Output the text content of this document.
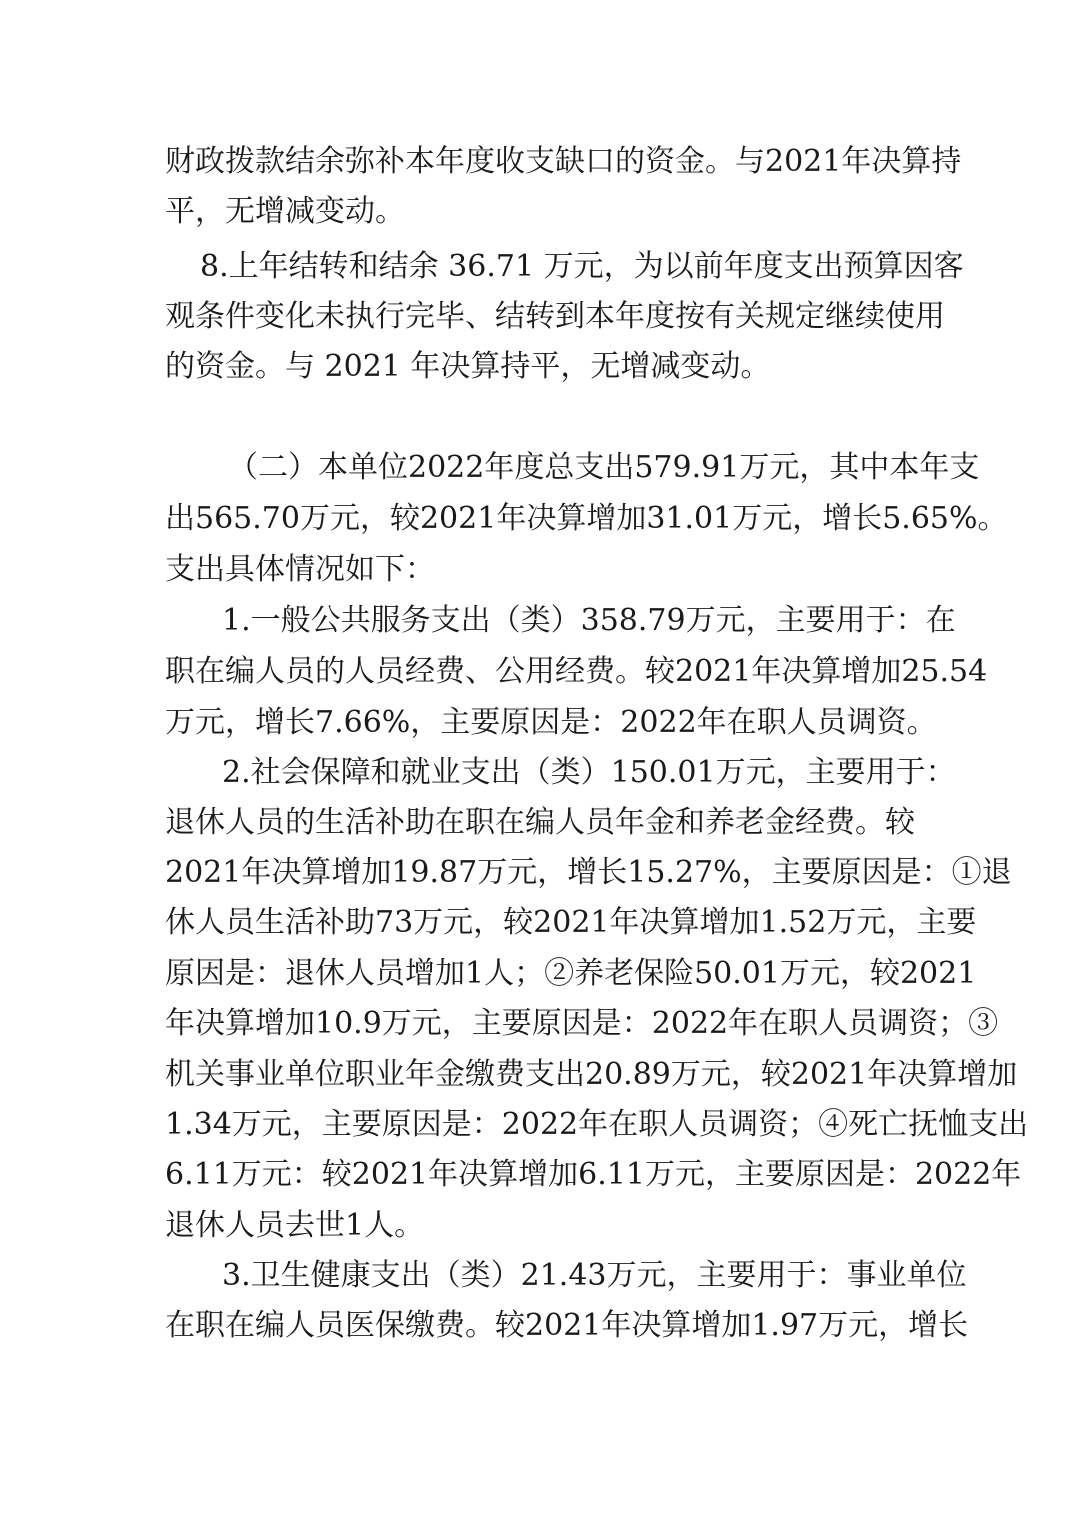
财政拨款结余弥补本年度收支缺口的资金。与2021年决算持
平，无增减变动。
8.上年结转和结余 36.71 万元，为以前年度支出预算因客
观条件变化未执行完毕、结转到本年度按有关规定继续使用
的资金。与 2021 年决算持平，无增减变动。
（二）本单位2022年度总支出579.91万元，其中本年支
出565.70万元，较2021年决算增加31.01万元，增长5.65%。
支出具体情况如下：
1.一般公共服务支出（类）358.79万元，主要用于：在
职在编人员的人员经费、公用经费。较2021年决算增加25.54
万元，增长7.66%，主要原因是：2022年在职人员调资。
2.社会保障和就业支出（类）150.01万元，主要用于：
退休人员的生活补助在职在编人员年金和养老金经费。较
2021年决算增加19.87万元，增长15.27%，主要原因是：①退
休人员生活补助73万元，较2021年决算增加1.52万元，主要
原因是：退休人员增加1人；②养老保险50.01万元，较2021
年决算增加10.9万元，主要原因是：2022年在职人员调资；③
机关事业单位职业年金缴费支出20.89万元，较2021年决算增加
1.34万元，主要原因是：2022年在职人员调资；④死亡抚恤支出
6.11万元：较2021年决算增加6.11万元，主要原因是：2022年
退休人员去世1人。
3.卫生健康支出（类）21.43万元，主要用于：事业单位
在职在编人员医保缴费。较2021年决算增加1.97万元，增长
